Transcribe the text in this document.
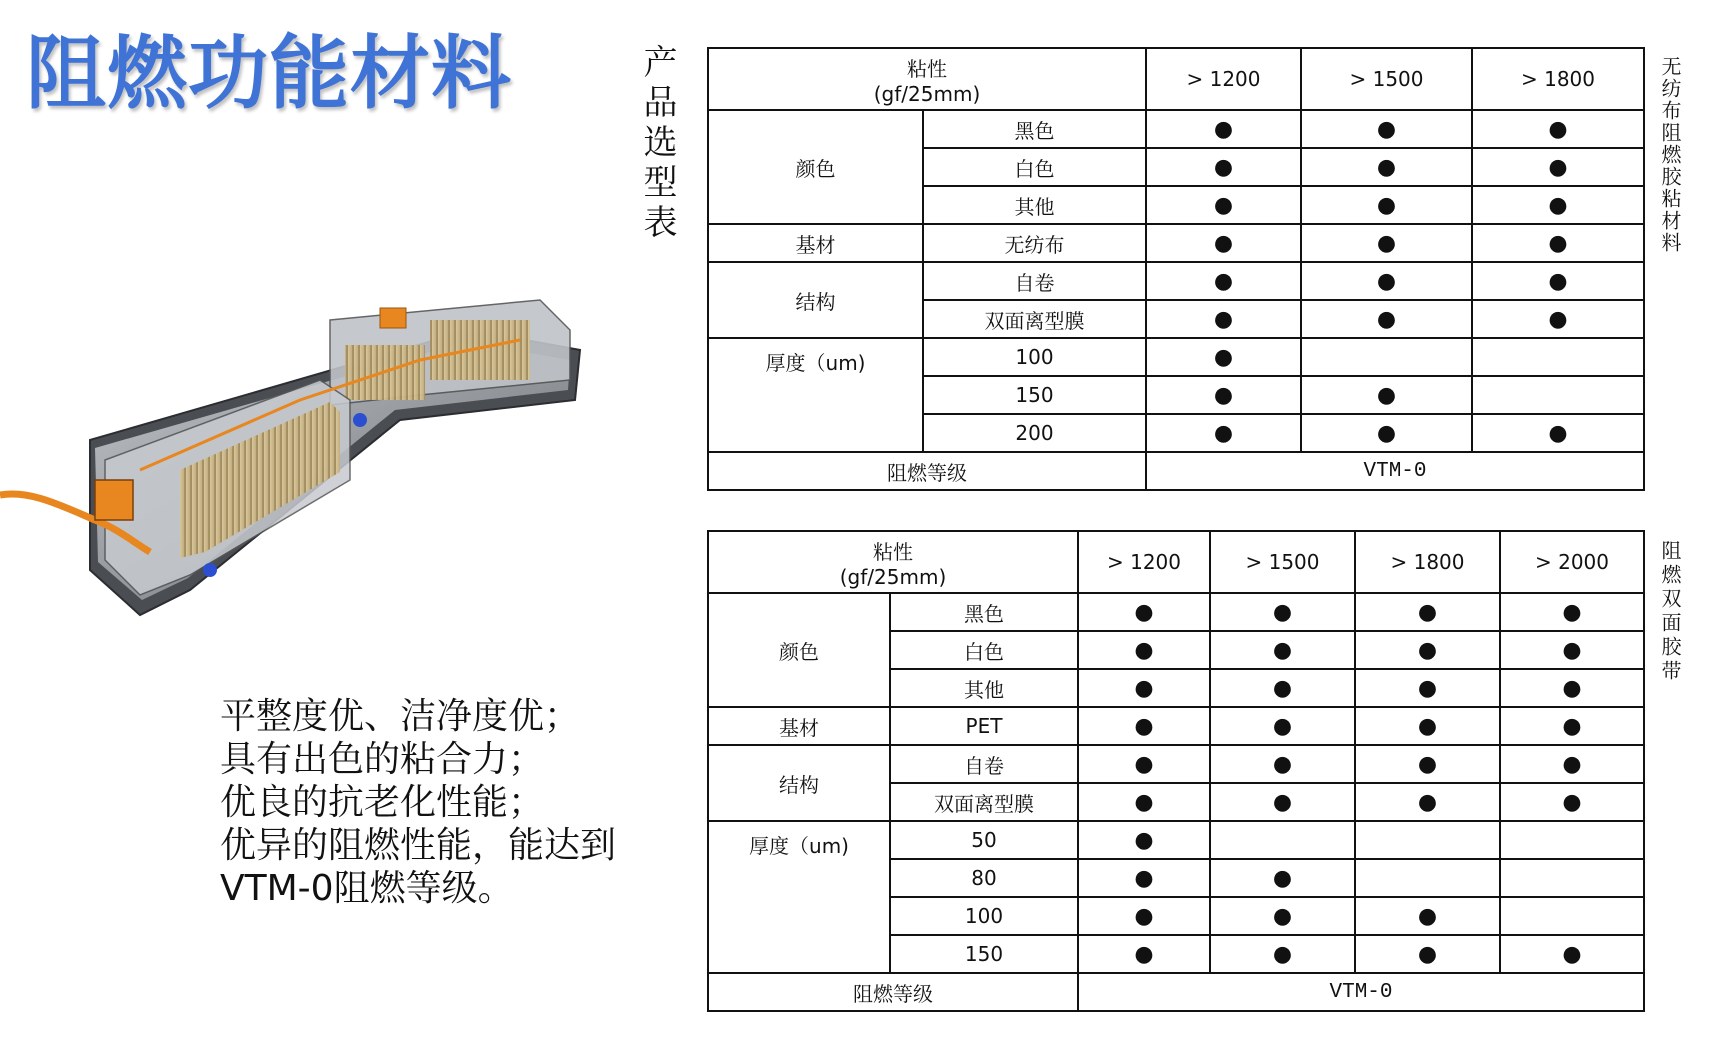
阻燃功能材料	产品选型表	无纺布阻燃胶粘材料
阻燃双面胶带
平整度优、洁净度优；
具有出色的粘合力；
优良的抗老化性能；
优异的阻燃性能，能达到
VTM-0阻燃等级。
粘性
(gf/25mm)		> 1200	> 1500	> 1800
颜色	黑色	●	●	●
	白色	●	●	●
	其他	●	●	●
基材	无纺布	●	●	●
结构	自卷	●	●	●
	双面离型膜	●	●	●
厚度（um)	100	●		
	150	●	●	
	200	●	●	●
阻燃等级		VTM-0		
粘性
(gf/25mm)		> 1200	> 1500	> 1800	> 2000
颜色	黑色	●	●	●	●
	白色	●	●	●	●
	其他	●	●	●	●
基材	PET	●	●	●	●
结构	自卷	●	●	●	●
	双面离型膜	●	●	●	●
厚度（um)	50	●			
	80	●	●		
	100	●	●	●	
	150	●	●	●	●
阻燃等级		VTM-0			
